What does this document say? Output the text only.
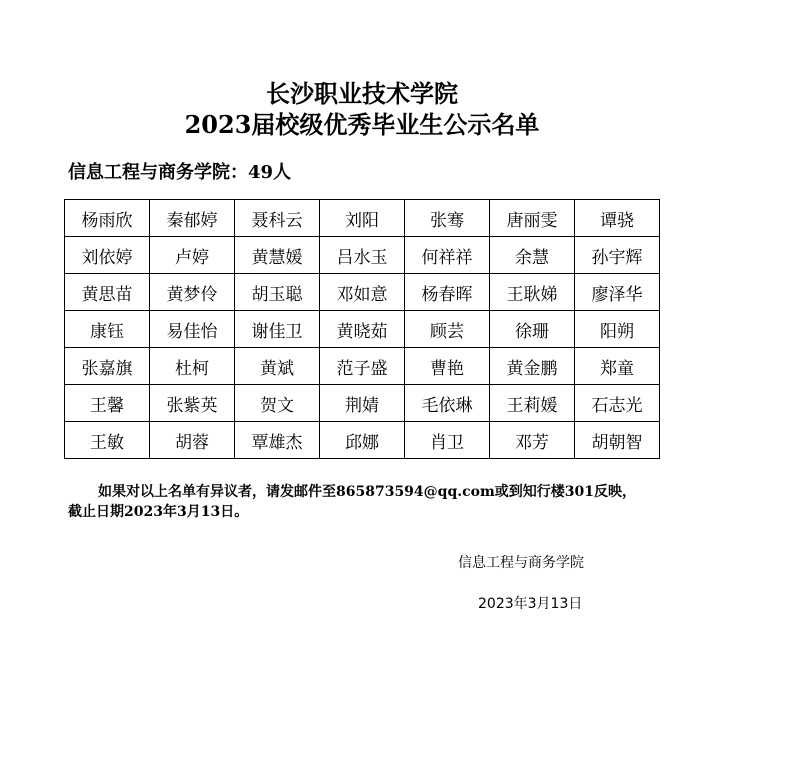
长沙职业技术学院
2023届校级优秀毕业生公示名单
信息工程与商务学院：49人
杨雨欣	秦郁婷	聂科云	刘阳	张骞	唐丽雯	谭骁
刘依婷	卢婷	黄慧媛	吕水玉	何祥祥	余慧	孙宇辉
黄思苗	黄梦伶	胡玉聪	邓如意	杨春晖	王耿娣	廖泽华
康钰	易佳怡	谢佳卫	黄晓茹	顾芸	徐珊	阳朔
张嘉旗	杜柯	黄斌	范子盛	曹艳	黄金鹏	郑童
王馨	张紫英	贺文	荆婧	毛依琳	王莉媛	石志光
王敏	胡蓉	覃雄杰	邱娜	肖卫	邓芳	胡朝智
如果对以上名单有异议者，请发邮件至865873594@qq.com或到知行楼301反映，截止日期2023年3月13日。
信息工程与商务学院
2023年3月13日
